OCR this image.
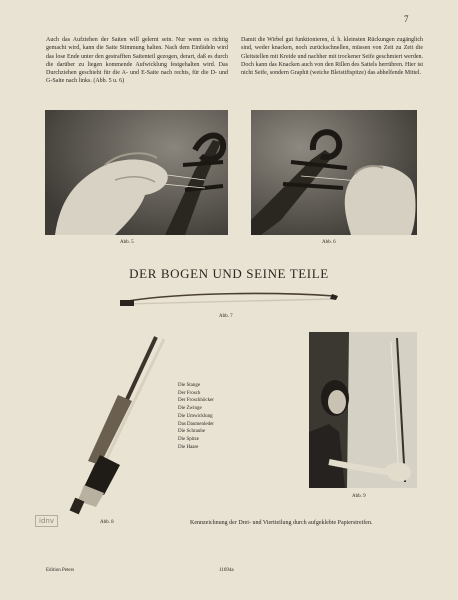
7

Auch das Aufziehen der Saiten will gelernt sein. Nur wenn es richtig gemacht wird, kann die Saite Stimmung halten. Nach dem Einfädeln wird das lose Ende unter den gestrafften Saitenteil gezogen, derart, daß es durch die darüber zu liegen kommende Aufwicklung festgehalten wird. Das Durchziehen geschieht für die A- und E-Saite nach rechts, für die D- und G-Saite nach links. (Abb. 5 u. 6)

Damit die Wirbel gut funktionieren, d. h. kleinsten Rückungen zugänglich sind, weder knacken, noch zurückschnellen, müssen von Zeit zu Zeit die Gleitstellen mit Kreide und nachher mit trockener Seife geschmiert werden. Doch kann das Knacken auch von den Rillen des Sattels herrühren. Hier ist nicht Seife, sondern Graphit (weiche Bleistiftspitze) das abhelfende Mittel.

Abb. 5	Abb. 6
DER BOGEN UND SEINE TEILE
Abb. 7
Abb. 8
Die Stange
Der Frosch
Der Froschhöcker
Die Zwinge
Die Umwicklung
Das Daumenleder
Die Schraube
Die Spitze
Die Haare
Abb. 9
idnv	Kennzeichnung der Drei- und Viertteilung durch aufgeklebte Papierstreifen.

Edition Peters	11694a
